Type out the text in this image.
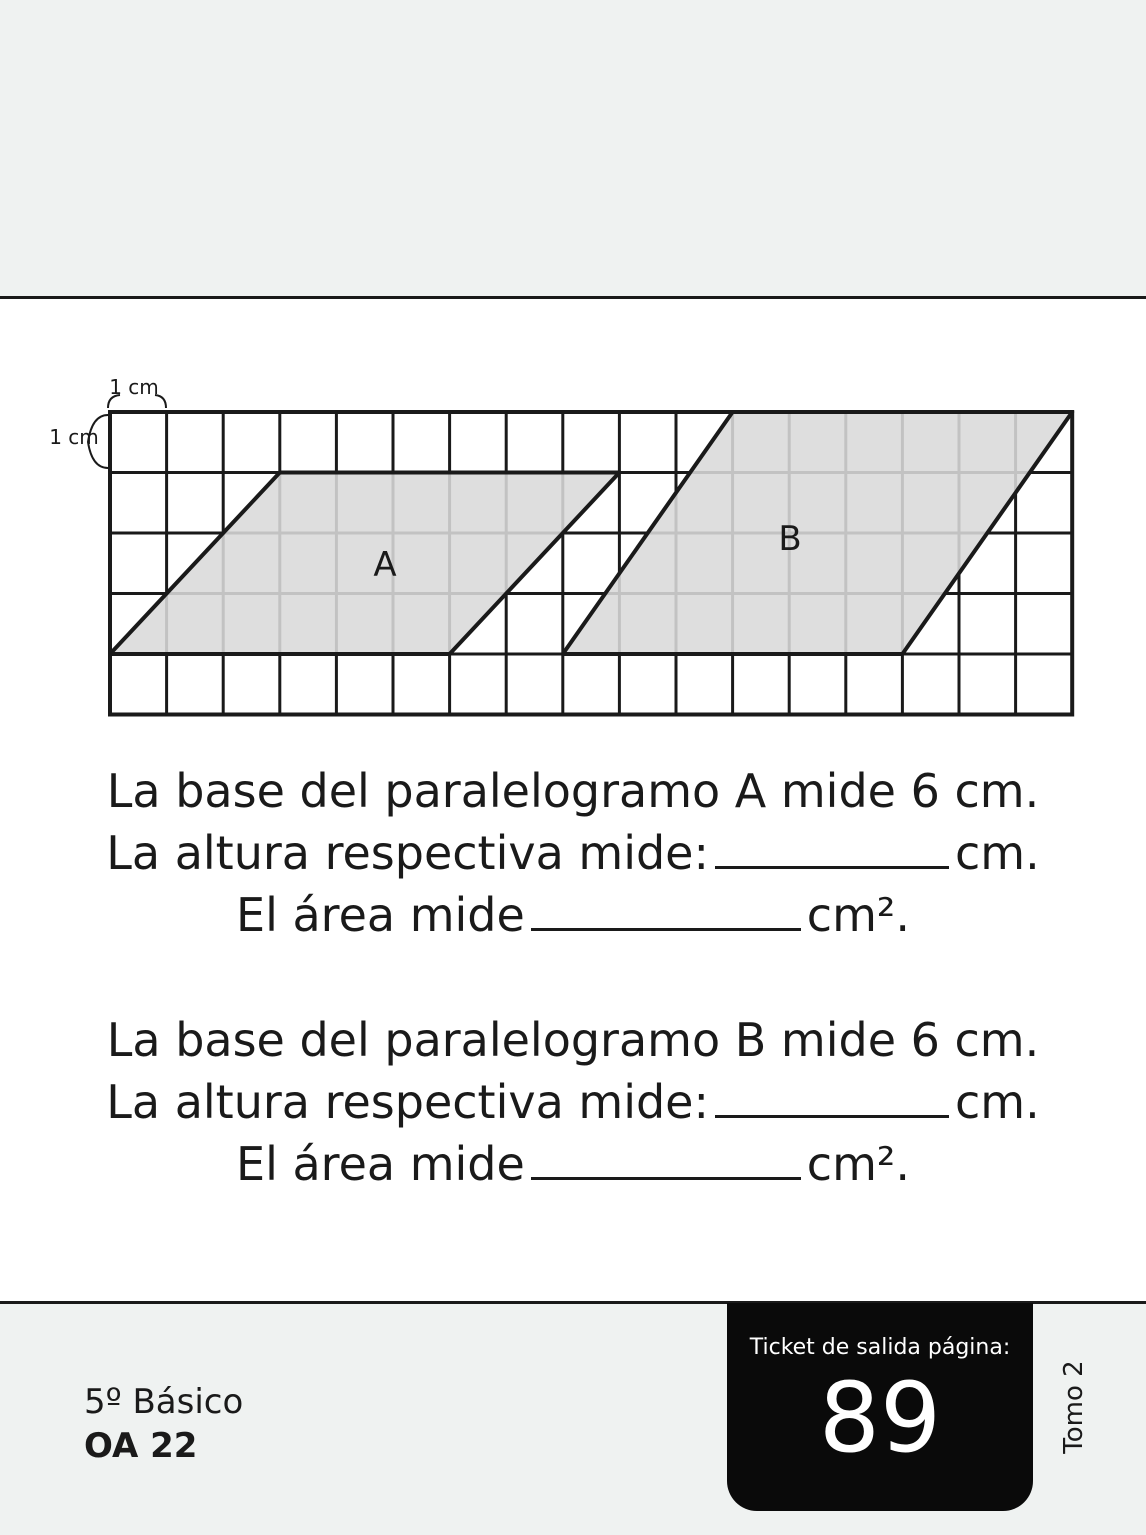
1 cm
1 cm
A
B
La base del paralelogramo A mide 6 cm.
La altura respectiva mide:	cm.
El área mide	cm².
La base del paralelogramo B mide 6 cm.
La altura respectiva mide:	cm.
El área mide	cm².
5º Básico
OA 22
Ticket de salida página:
89	Tomo 2
